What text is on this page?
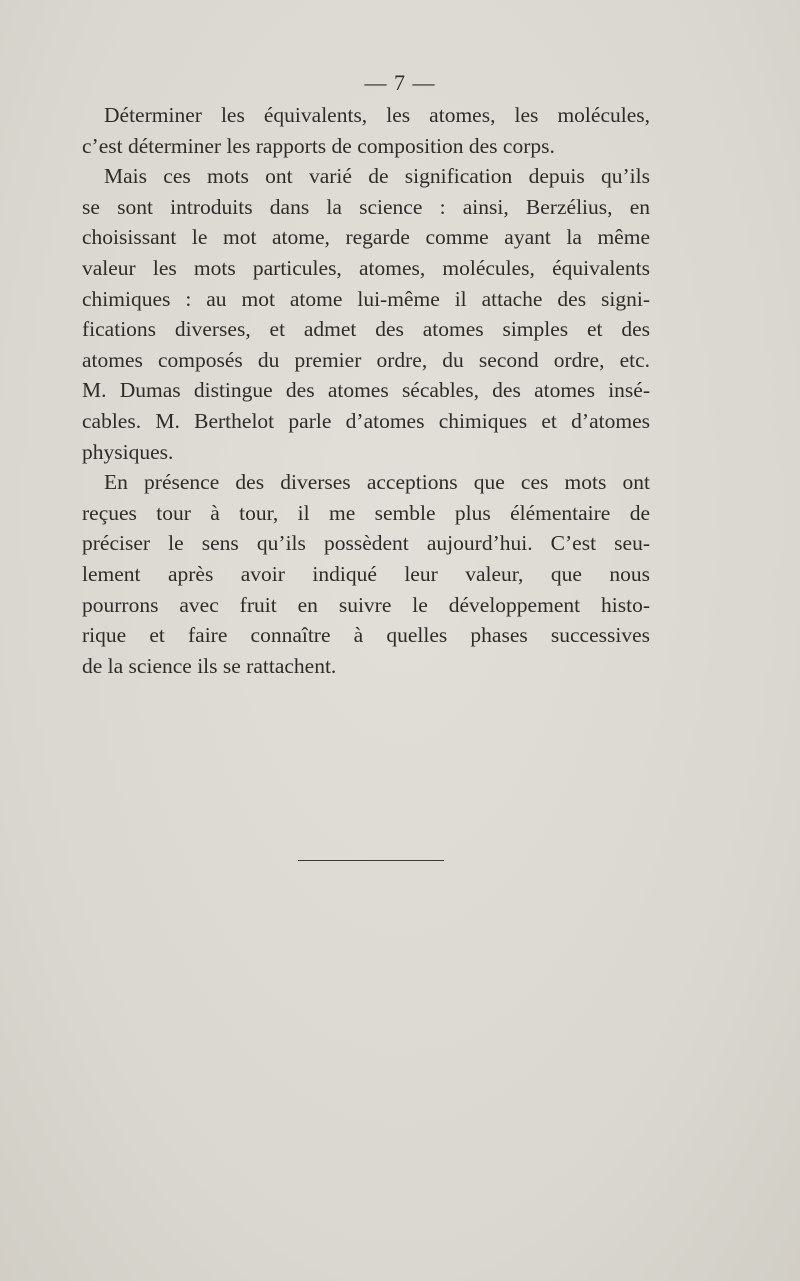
— 7 —
Déterminer les équivalents, les atomes, les molécules,
c’est déterminer les rapports de composition des corps.
Mais ces mots ont varié de signification depuis qu’ils
se sont introduits dans la science : ainsi, Berzélius, en
choisissant le mot atome, regarde comme ayant la même
valeur les mots particules, atomes, molécules, équivalents
chimiques : au mot atome lui-même il attache des signi-
fications diverses, et admet des atomes simples et des
atomes composés du premier ordre, du second ordre, etc.
M. Dumas distingue des atomes sécables, des atomes insé-
cables. M. Berthelot parle d’atomes chimiques et d’atomes
physiques.
En présence des diverses acceptions que ces mots ont
reçues tour à tour, il me semble plus élémentaire de
préciser le sens qu’ils possèdent aujourd’hui. C’est seu-
lement après avoir indiqué leur valeur, que nous
pourrons avec fruit en suivre le développement histo-
rique et faire connaître à quelles phases successives
de la science ils se rattachent.
